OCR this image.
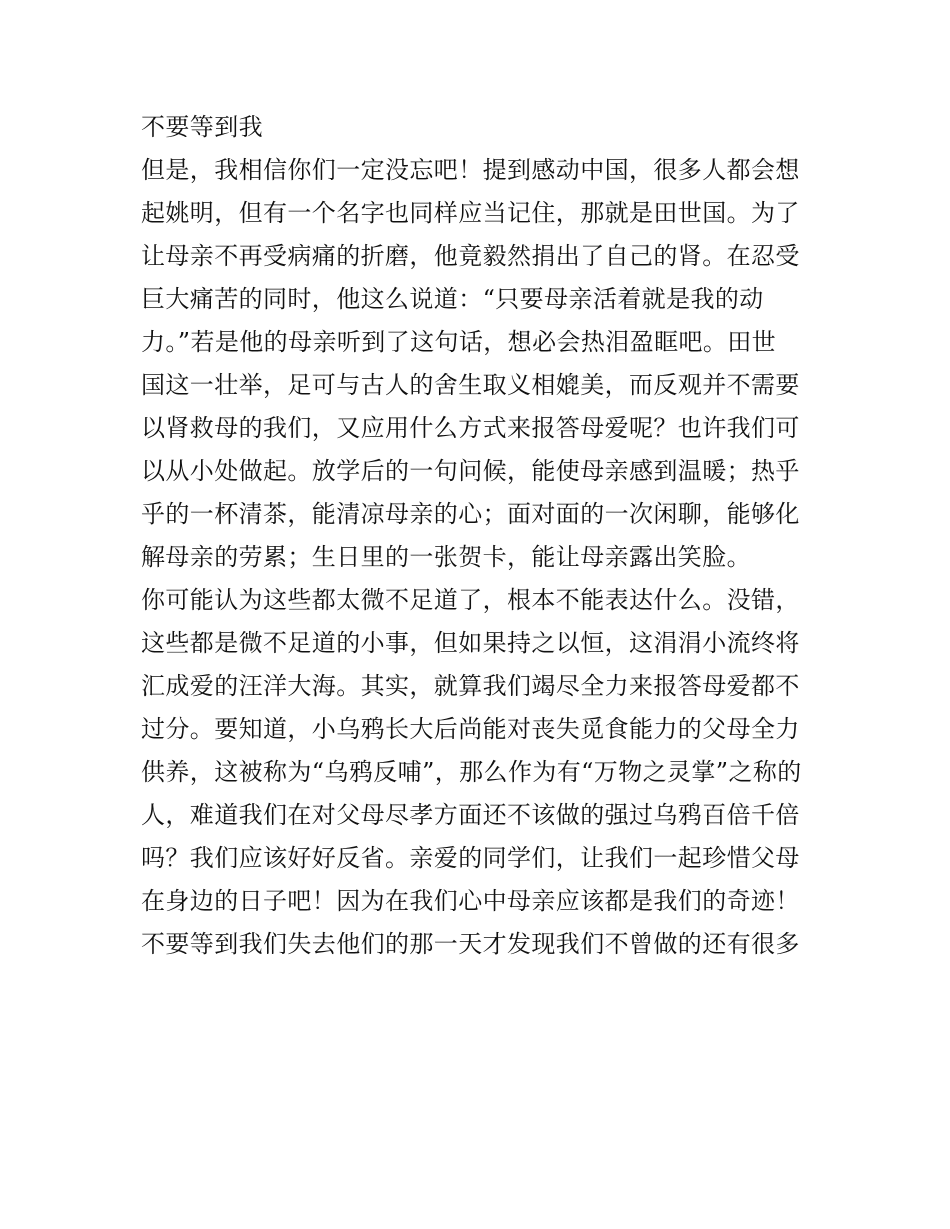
不要等到我
但是，我相信你们一定没忘吧！提到感动中国，很多人都会想
起姚明，但有一个名字也同样应当记住，那就是田世国。为了
让母亲不再受病痛的折磨，他竟毅然捐出了自己的肾。在忍受
巨大痛苦的同时，他这么说道：“只要母亲活着就是我的动
力。”若是他的母亲听到了这句话，想必会热泪盈眶吧。田世
国这一壮举，足可与古人的舍生取义相媲美，而反观并不需要
以肾救母的我们，又应用什么方式来报答母爱呢？也许我们可
以从小处做起。放学后的一句问候，能使母亲感到温暖；热乎
乎的一杯清茶，能清凉母亲的心；面对面的一次闲聊，能够化
解母亲的劳累；生日里的一张贺卡，能让母亲露出笑脸。
你可能认为这些都太微不足道了，根本不能表达什么。没错，
这些都是微不足道的小事，但如果持之以恒，这涓涓小流终将
汇成爱的汪洋大海。其实，就算我们竭尽全力来报答母爱都不
过分。要知道，小乌鸦长大后尚能对丧失觅食能力的父母全力
供养，这被称为“乌鸦反哺”，那么作为有“万物之灵掌”之称的
人，难道我们在对父母尽孝方面还不该做的强过乌鸦百倍千倍
吗？我们应该好好反省。亲爱的同学们，让我们一起珍惜父母
在身边的日子吧！因为在我们心中母亲应该都是我们的奇迹！
不要等到我们失去他们的那一天才发现我们不曾做的还有很多
